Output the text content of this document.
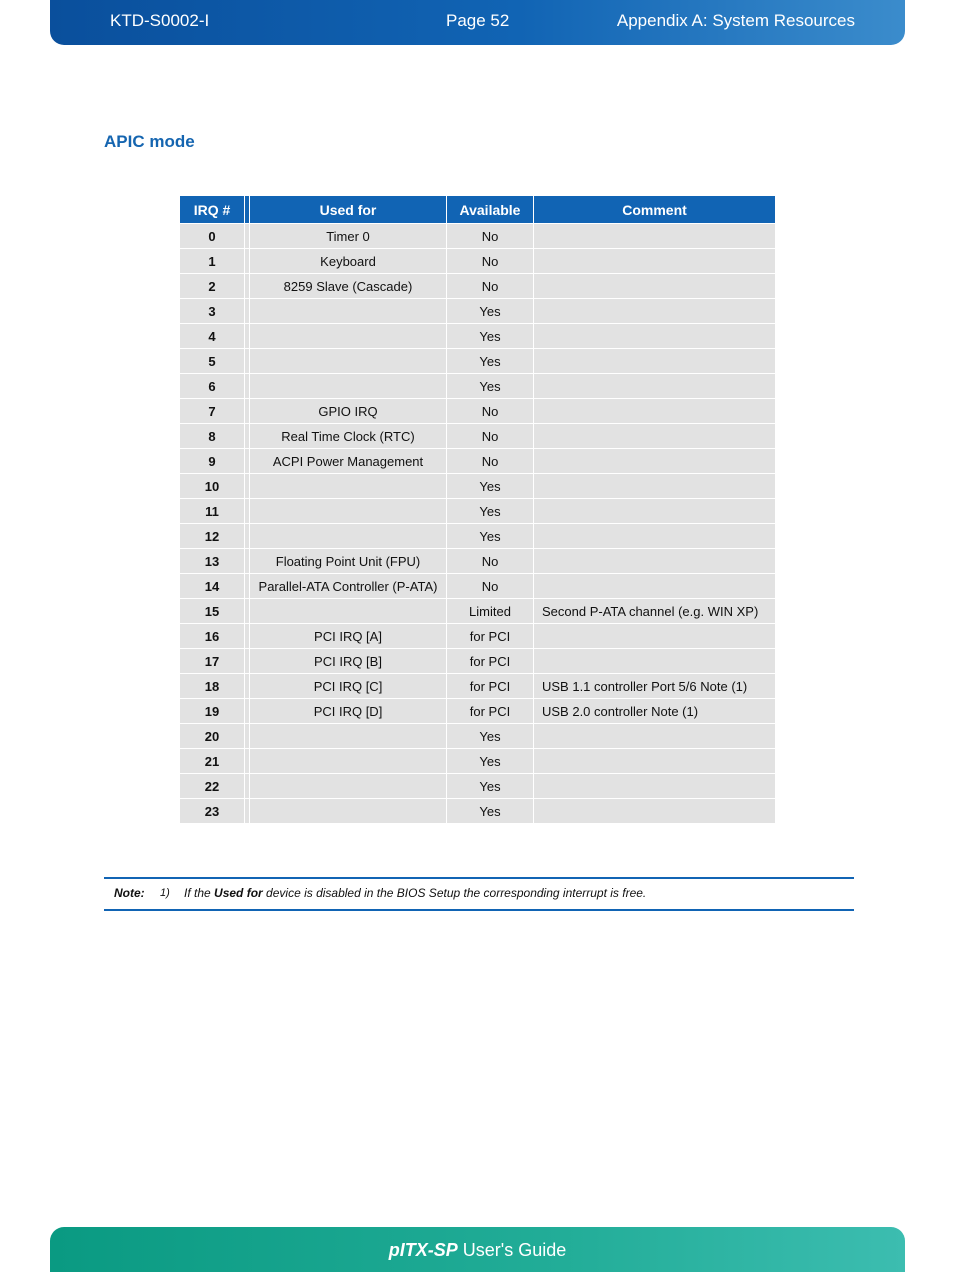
KTD-S0002-I	Page 52	Appendix A: System Resources
APIC mode
IRQ #		Used for	Available	Comment
0		Timer 0	No	
1		Keyboard	No	
2		8259 Slave (Cascade)	No	
3			Yes	
4			Yes	
5			Yes	
6			Yes	
7		GPIO IRQ	No	
8		Real Time Clock (RTC)	No	
9		ACPI Power Management	No	
10			Yes	
11			Yes	
12			Yes	
13		Floating Point Unit (FPU)	No	
14		Parallel-ATA Controller (P-ATA)	No	
15			Limited	Second P-ATA channel (e.g. WIN XP)
16		PCI IRQ [A]	for PCI	
17		PCI IRQ [B]	for PCI	
18		PCI IRQ [C]	for PCI	USB 1.1 controller Port 5/6 Note (1)
19		PCI IRQ [D]	for PCI	USB 2.0 controller Note (1)
20			Yes	
21			Yes	
22			Yes	
23			Yes	
Note: 1) If the Used for device is disabled in the BIOS Setup the corresponding interrupt is free.
pITX-SP User's Guide
